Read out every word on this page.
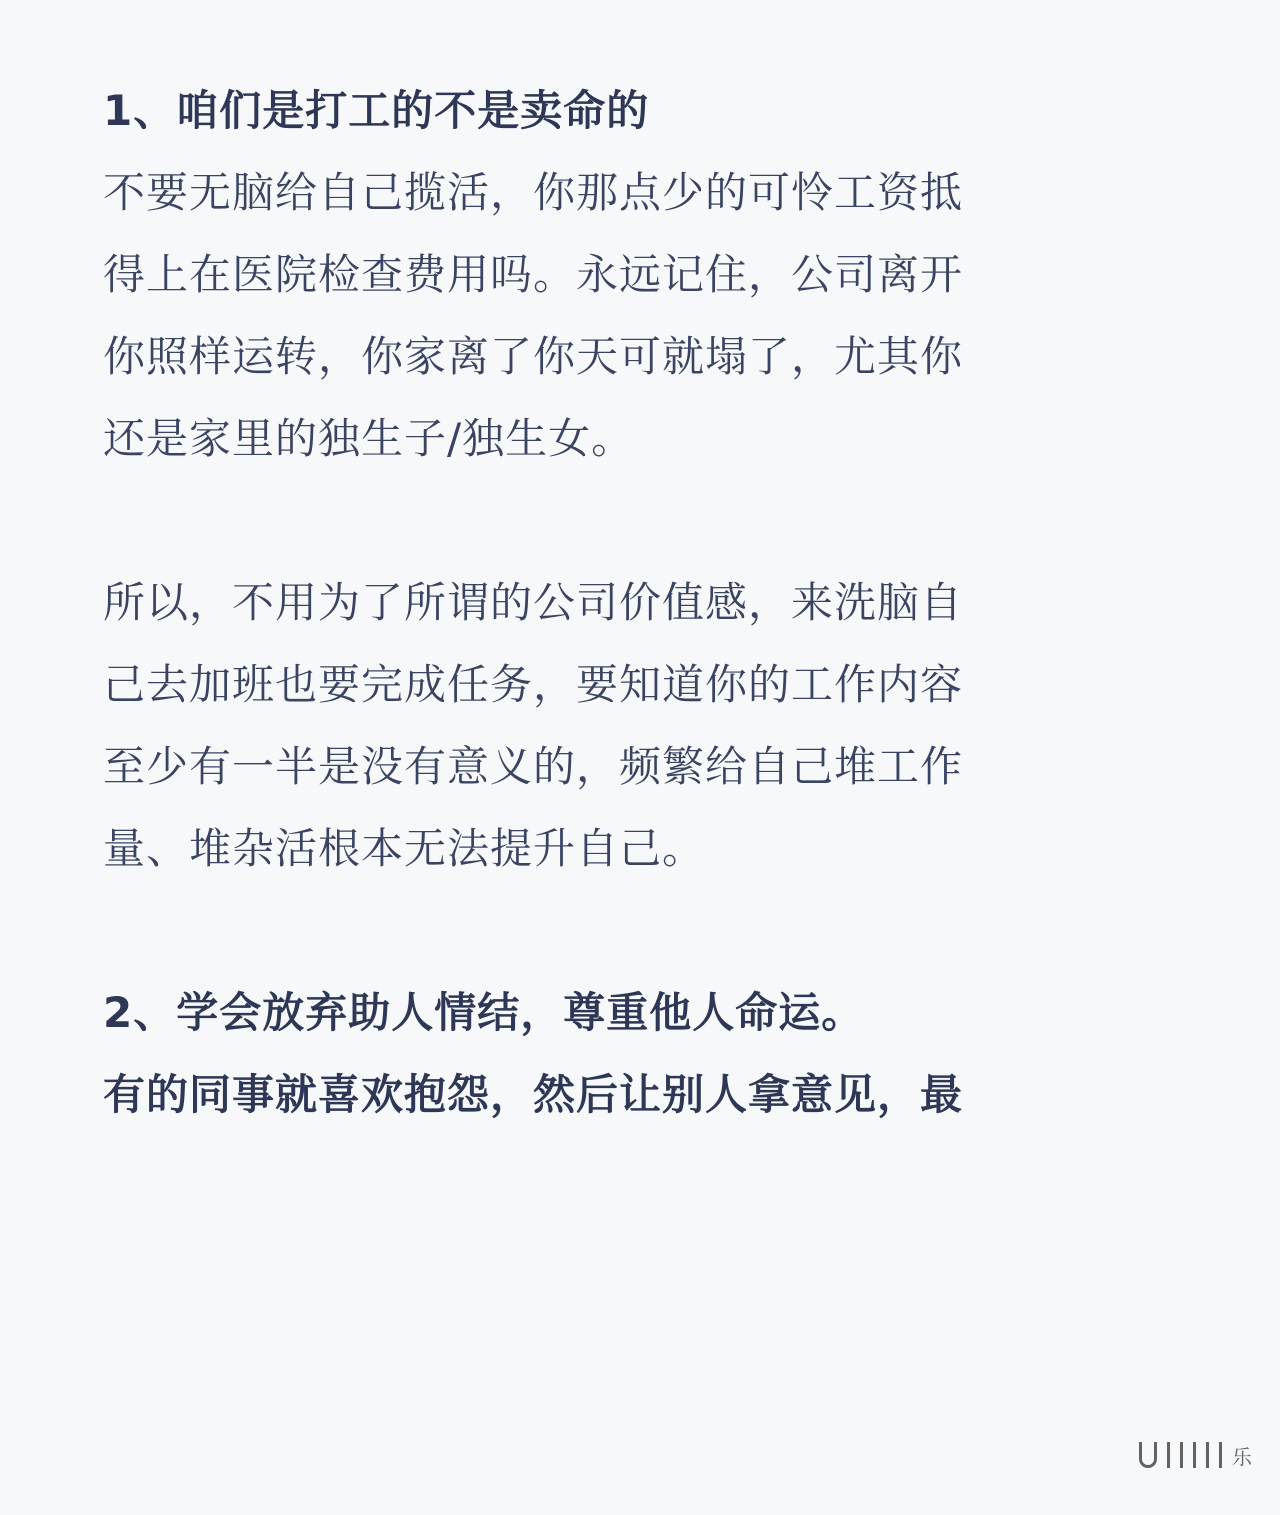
1、咱们是打工的不是卖命的
不要无脑给自己揽活，你那点少的可怜工资抵
得上在医院检查费用吗。永远记住，公司离开
你照样运转，你家离了你天可就塌了，尤其你
还是家里的独生子/独生女。
所以，不用为了所谓的公司价值感，来洗脑自
己去加班也要完成任务，要知道你的工作内容
至少有一半是没有意义的，频繁给自己堆工作
量、堆杂活根本无法提升自己。
2、学会放弃助人情结，尊重他人命运。
有的同事就喜欢抱怨，然后让别人拿意见，最
乐
